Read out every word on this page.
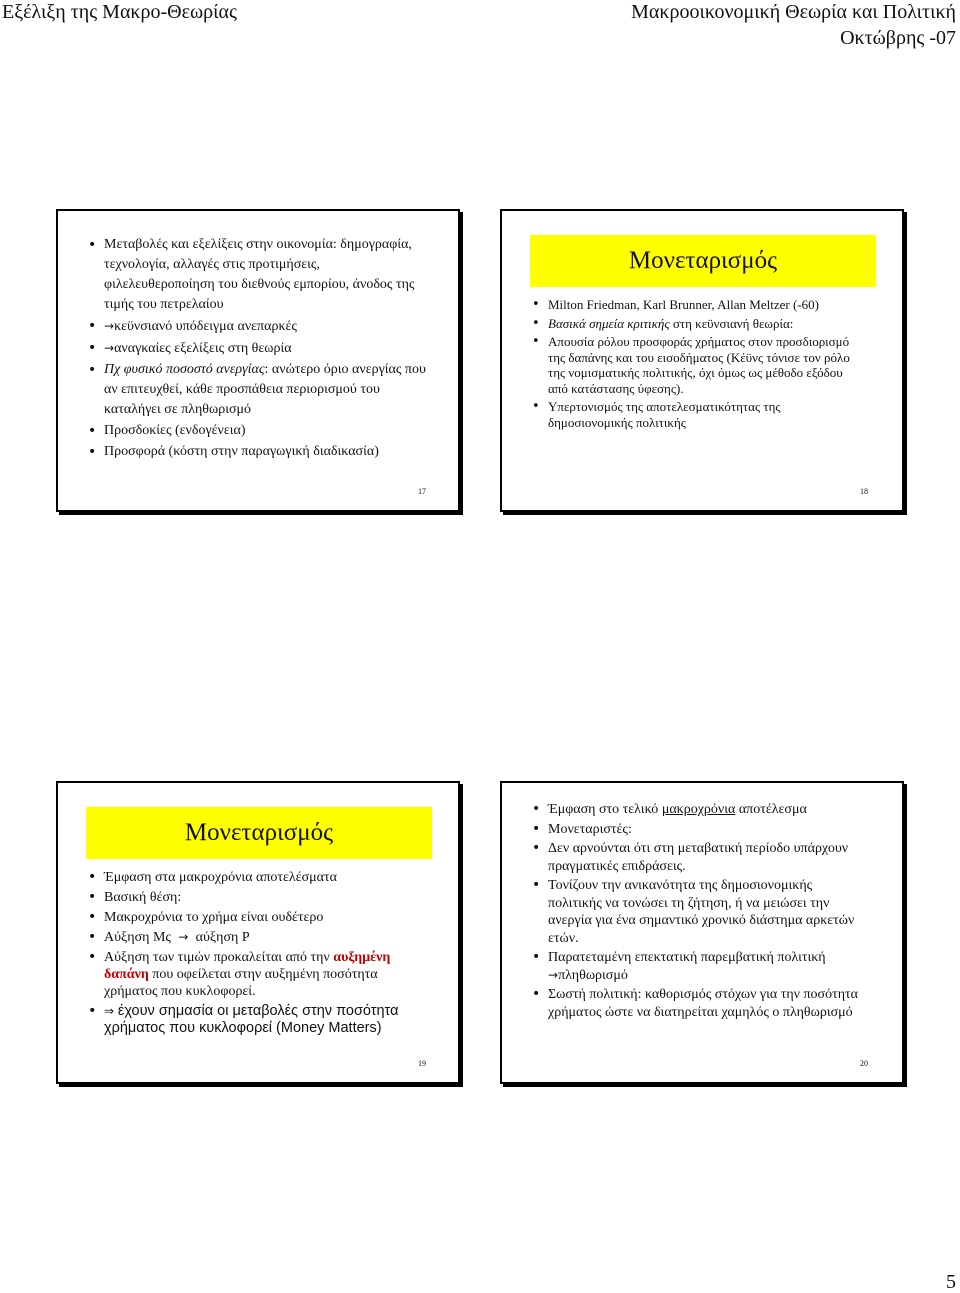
Εξέλιξη της Μακρο-Θεωρίας	Μακροοικονομική Θεωρία και Πολιτική
Οκτώβρης -07
• Μεταβολές και εξελίξεις στην οικονομία: δημογραφία, τεχνολογία, αλλαγές στις προτιμήσεις, φιλελευθεροποίηση του διεθνούς εμπορίου, άνοδος της τιμής του πετρελαίου
• →κεϋνσιανό υπόδειγμα ανεπαρκές
• →αναγκαίες εξελίξεις στη θεωρία
• Πχ φυσικό ποσοστό ανεργίας: ανώτερο όριο ανεργίας που αν επιτευχθεί, κάθε προσπάθεια περιορισμού του καταλήγει σε πληθωρισμό
• Προσδοκίες (ενδογένεια)
• Προσφορά (κόστη στην παραγωγική διαδικασία)
17
Μονεταρισμός
• Milton Friedman, Karl Brunner, Allan Meltzer (-60)
• Βασικά σημεία κριτικής στη κεϋνσιανή θεωρία:
• Απουσία ρόλου προσφοράς χρήματος στον προσδιορισμό της δαπάνης και του εισοδήματος (Κέϋνς τόνισε τον ρόλο της νομισματικής πολιτικής, όχι όμως ως μέθοδο εξόδου από κατάστασης ύφεσης).
• Υπερτονισμός της αποτελεσματικότητας της δημοσιονομικής πολιτικής
18
Μονεταρισμός
• Έμφαση στα μακροχρόνια αποτελέσματα
• Βασική θέση:
• Μακροχρόνια το χρήμα είναι ουδέτερο
• Αύξηση Μς  →  αύξηση P
• Αύξηση των τιμών προκαλείται από την αυξημένη δαπάνη που οφείλεται στην αυξημένη ποσότητα χρήματος που κυκλοφορεί.
• ⇒ έχουν σημασία οι μεταβολές στην ποσότητα χρήματος που κυκλοφορεί (Money Matters)
19
• Έμφαση στο τελικό μακροχρόνια αποτέλεσμα
• Μονεταριστές:
• Δεν αρνούνται ότι στη μεταβατική περίοδο υπάρχουν πραγματικές επιδράσεις.
• Τονίζουν την ανικανότητα της δημοσιονομικής πολιτικής να τονώσει τη ζήτηση, ή να μειώσει την ανεργία για ένα σημαντικό χρονικό διάστημα αρκετών ετών.
• Παρατεταμένη επεκτατική παρεμβατική πολιτική →πληθωρισμό
• Σωστή πολιτική: καθορισμός στόχων για την ποσότητα χρήματος ώστε να διατηρείται χαμηλός ο πληθωρισμό
20
5
